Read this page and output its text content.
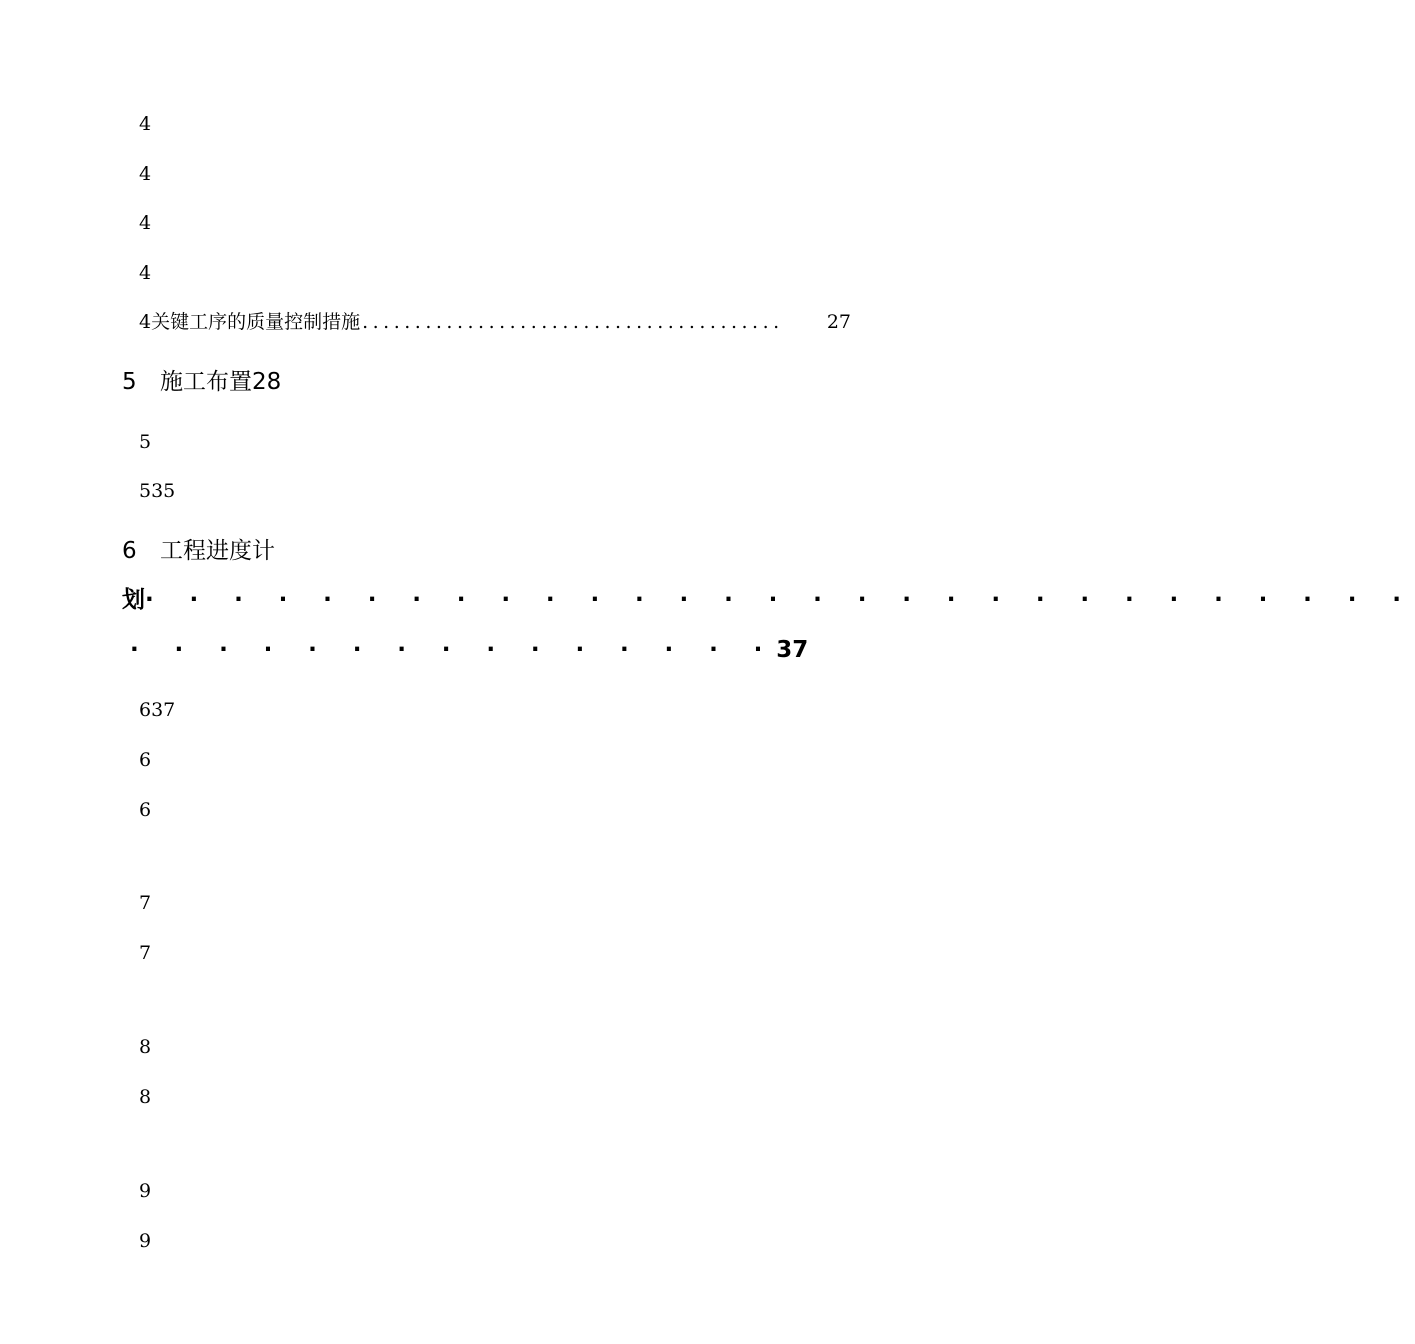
4
4
4
4
4关键工序的质量控制措施 ........................................	27
5 施工布置28
5
535
6 工程进度计
划· · · · · · · · · · · · · · · · · · · · · · · · · · · · ·
· · · · · · · · · · · · · · ·37
637
6
6
7
7
8
8
9
9
